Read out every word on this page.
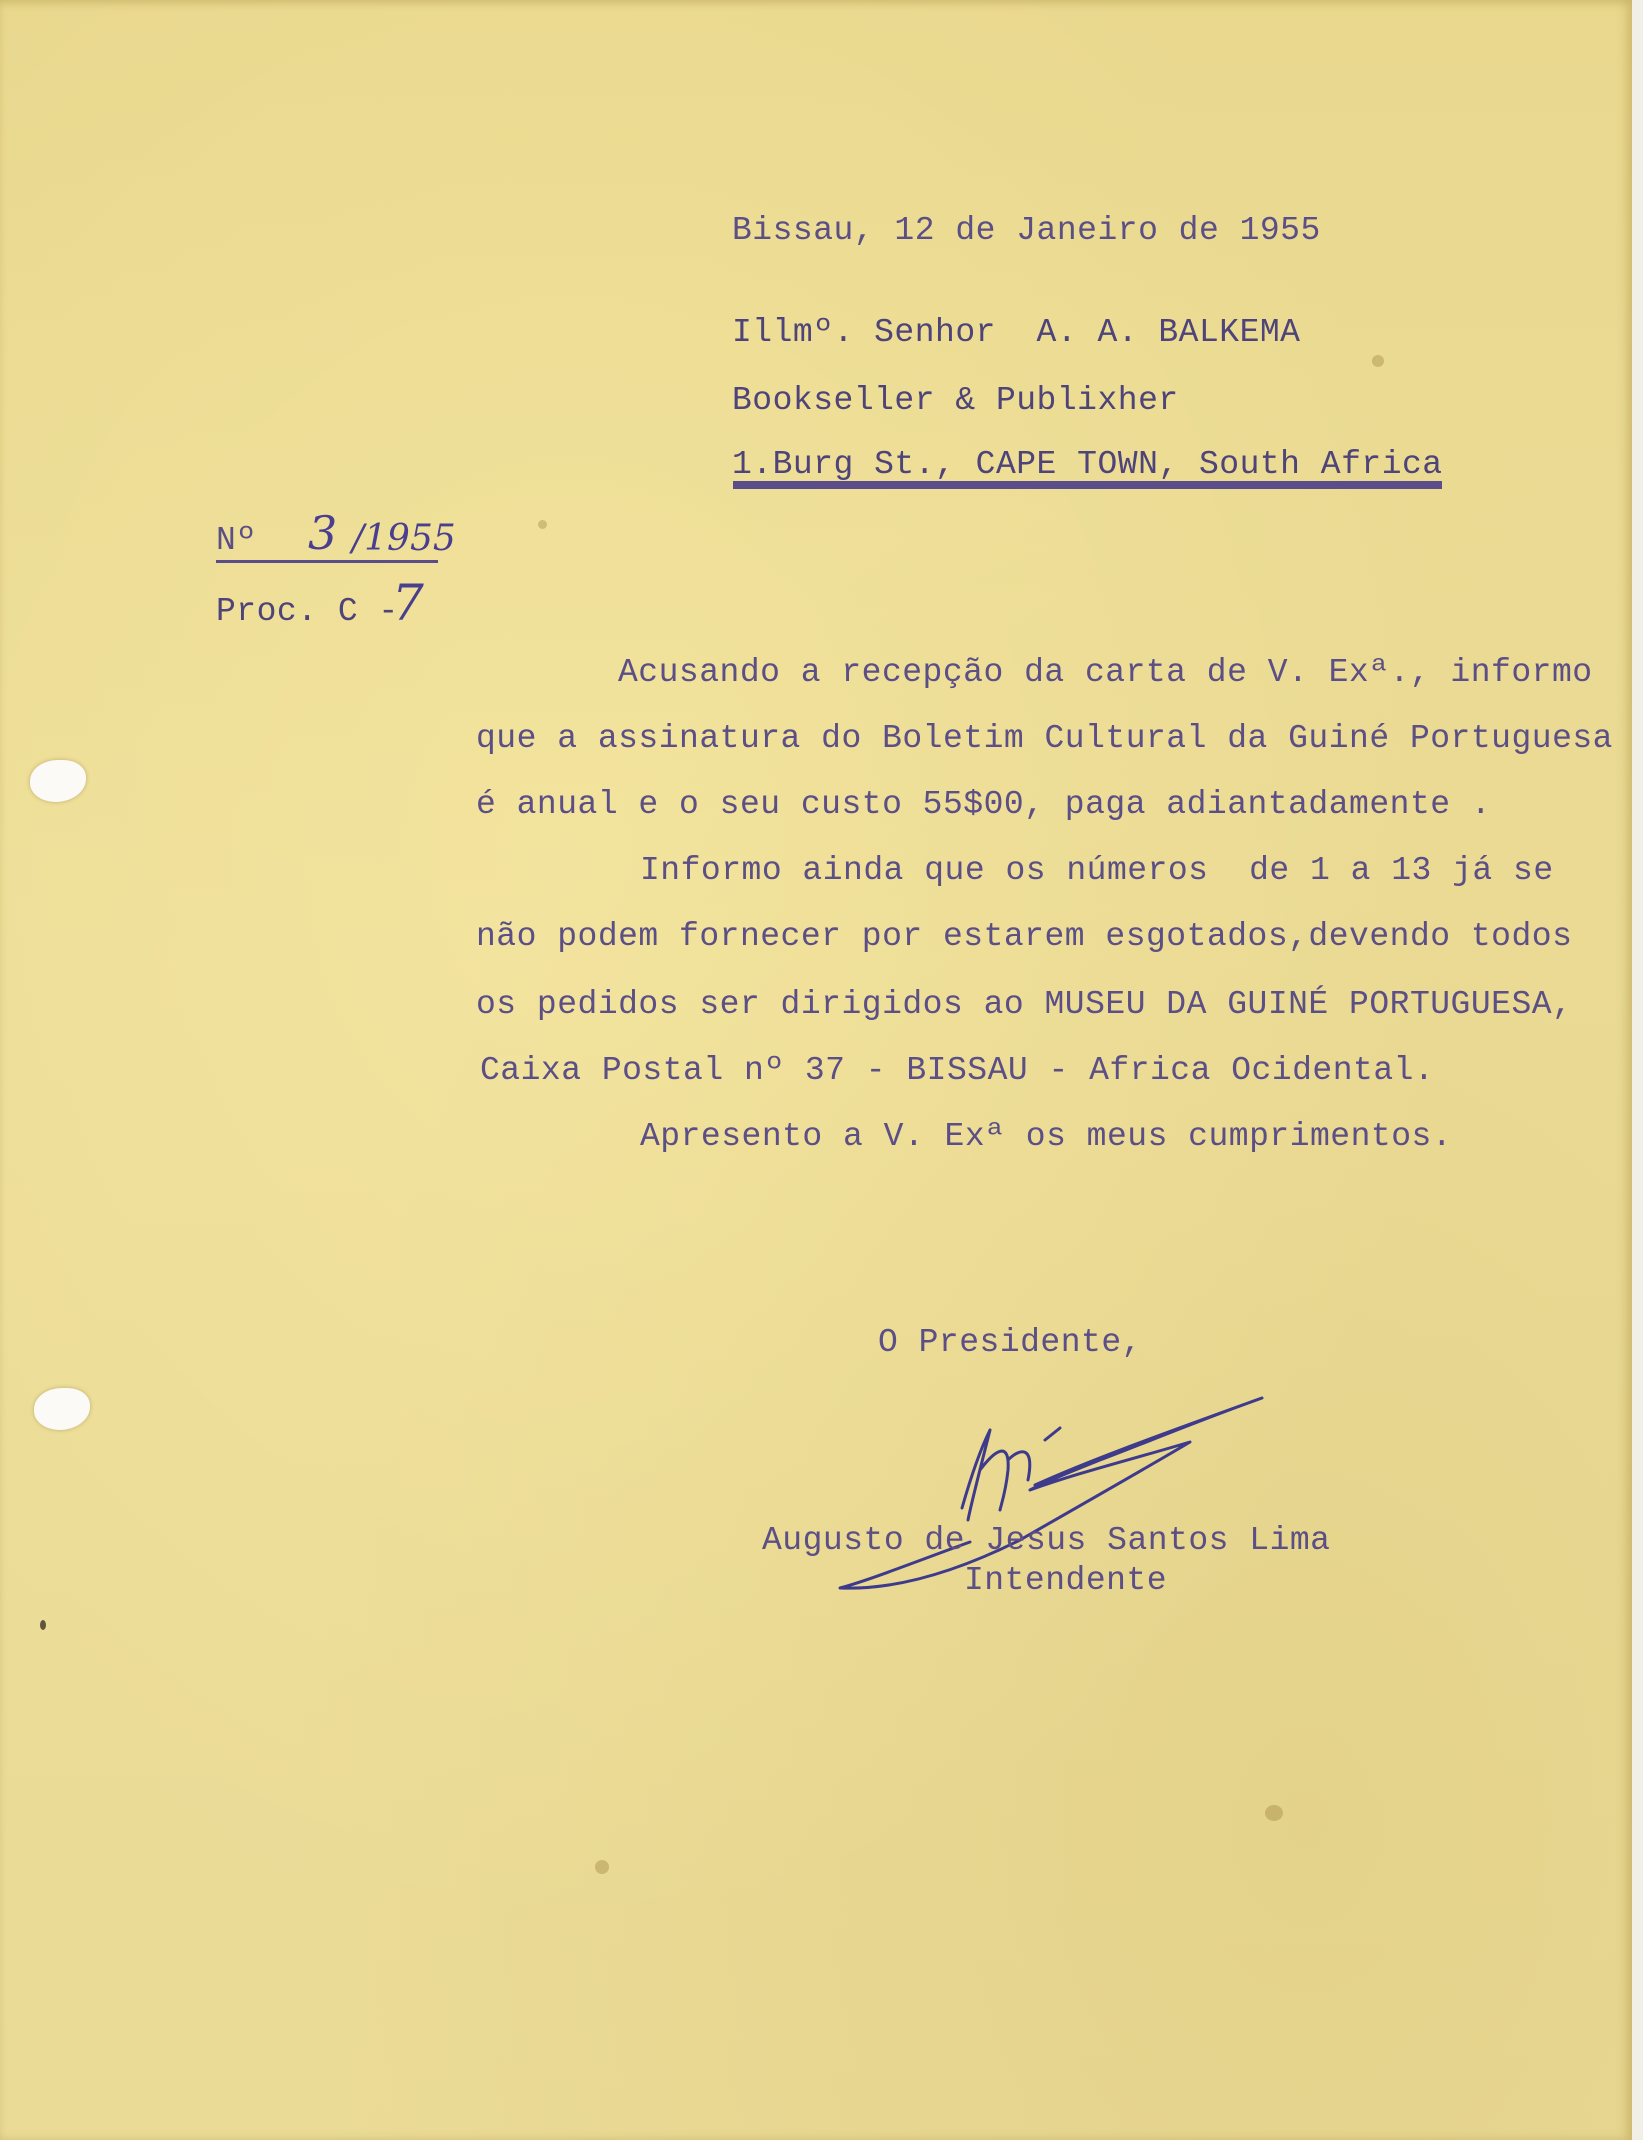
Bissau, 12 de Janeiro de 1955
Illmº. Senhor  A. A. BALKEMA
Bookseller & Publixher
1.Burg St., CAPE TOWN, South Africa
Nº 3 /1955
Proc. C -
7
Acusando a recepção da carta de V. Exª., informo
que a assinatura do Boletim Cultural da Guiné Portuguesa
é anual e o seu custo 55$00, paga adiantadamente .
Informo ainda que os números  de 1 a 13 já se
não podem fornecer por estarem esgotados,devendo todos
os pedidos ser dirigidos ao MUSEU DA GUINÉ PORTUGUESA,
Caixa Postal nº 37 - BISSAU - Africa Ocidental.
Apresento a V. Exª os meus cumprimentos.
O Presidente,
Augusto de Jesus Santos Lima
Intendente
